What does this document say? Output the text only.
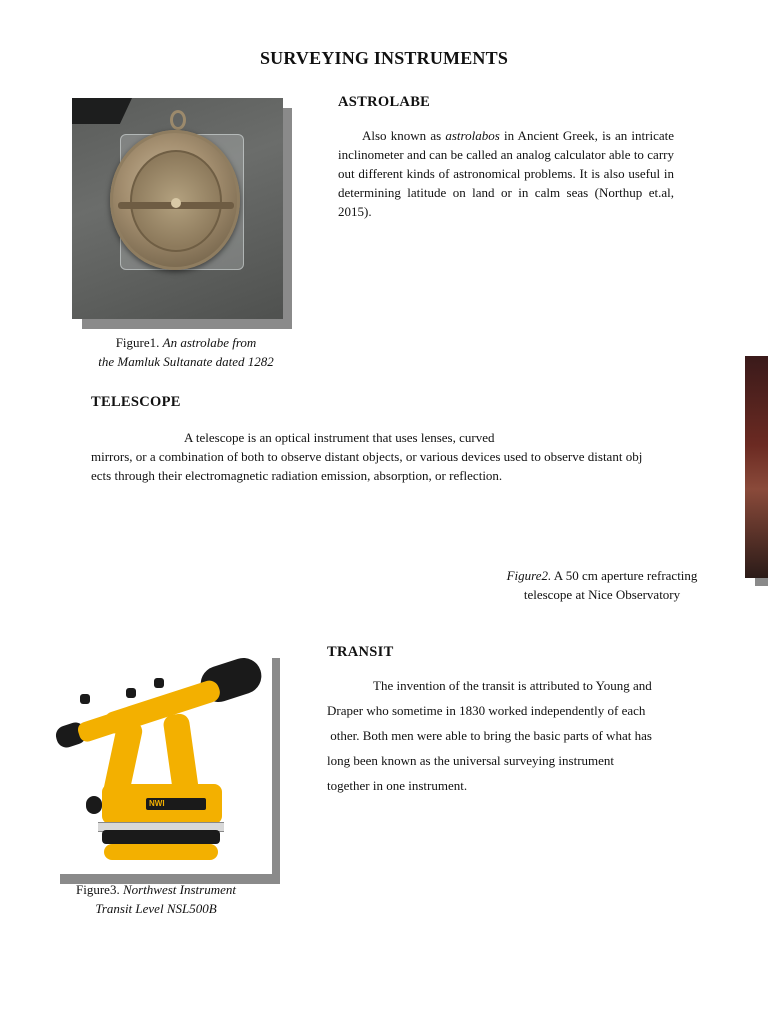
SURVEYING INSTRUMENTS
Figure1. An astrolabe from
the Mamluk Sultanate dated 1282
ASTROLABE
Also known as astrolabos in Ancient Greek, is an intricate inclinometer and can be called an analog calculator able to carry out different kinds of astronomical problems. It is also useful in determining latitude on land or in calm seas (Northup et.al, 2015).
TELESCOPE
A telescope is an optical instrument that uses lenses, curved
mirrors, or a combination of both to observe distant objects, or various devices used to observe distant obj
ects through their electromagnetic radiation emission, absorption, or reflection.
Figure2. A 50 cm aperture refracting
telescope at Nice Observatory
NWI
Figure3. Northwest Instrument
Transit Level NSL500B
TRANSIT
The invention of the transit is attributed to Young and
Draper who sometime in 1830 worked independently of each
other. Both men were able to bring the basic parts of what has
long been known as the universal surveying instrument
together in one instrument.
